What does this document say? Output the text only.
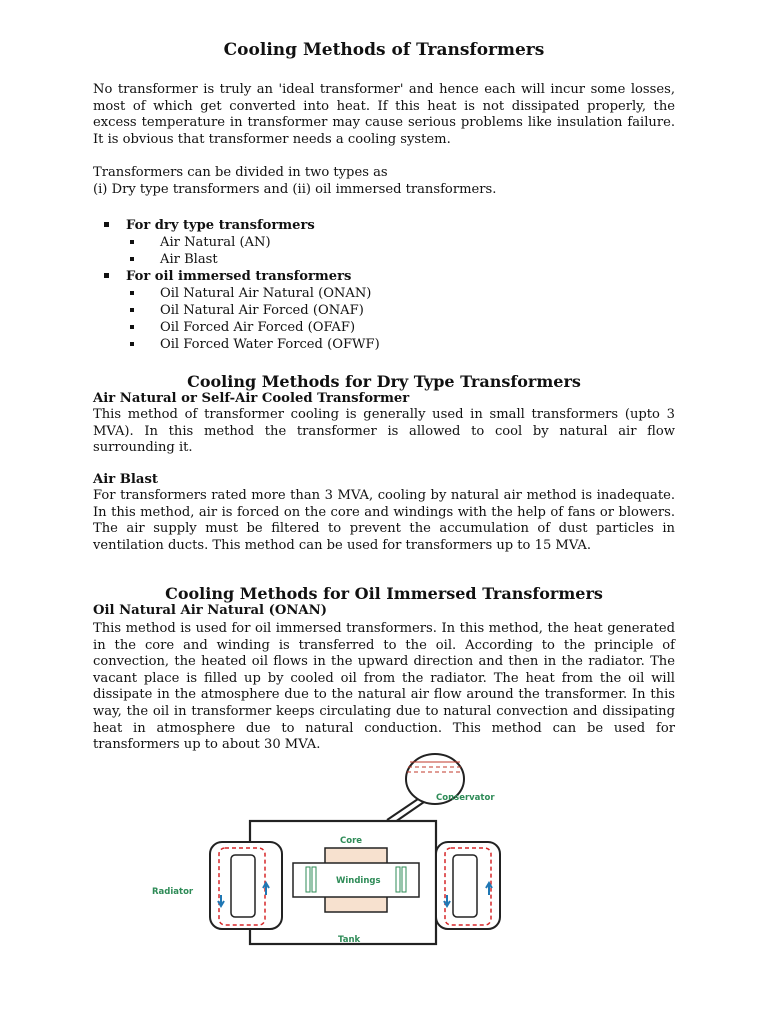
Cooling Methods of Transformers

No transformer is truly an 'ideal transformer' and hence each will incur some losses, most of which get converted into heat. If this heat is not dissipated properly, the excess temperature in transformer may cause serious problems like insulation failure. It is obvious that transformer needs a cooling system.

Transformers can be divided in two types as

(i) Dry type transformers and (ii) oil immersed transformers.

For dry type transformers
Air Natural (AN)
Air Blast
For oil immersed transformers
Oil Natural Air Natural (ONAN)
Oil Natural Air Forced (ONAF)
Oil Forced Air Forced (OFAF)
Oil Forced Water Forced (OFWF)
Cooling Methods for Dry Type Transformers
Air Natural or Self-Air Cooled Transformer

This method of transformer cooling is generally used in small transformers (upto 3 MVA). In this method the transformer is allowed to cool by natural air flow surrounding it.

Air Blast

For transformers rated more than 3 MVA, cooling by natural air method is inadequate. In this method, air is forced on the core and windings with the help of fans or blowers. The air supply must be filtered to prevent the accumulation of dust particles in ventilation ducts. This method can be used for transformers up to 15 MVA.

Cooling Methods for Oil Immersed Transformers
Oil Natural Air Natural (ONAN)

This method is used for oil immersed transformers. In this method, the heat generated in the core and winding is transferred to the oil. According to the principle of convection, the heated oil flows in the upward direction and then in the radiator. The vacant place is filled up by cooled oil from the radiator. The heat from the oil will dissipate in the atmosphere due to the natural air flow around the transformer. In this way, the oil in transformer keeps circulating due to natural convection and dissipating heat in atmosphere due to natural conduction. This method can be used for transformers up to about 30 MVA.

Conservator
Core
Windings
Radiator
Tank
